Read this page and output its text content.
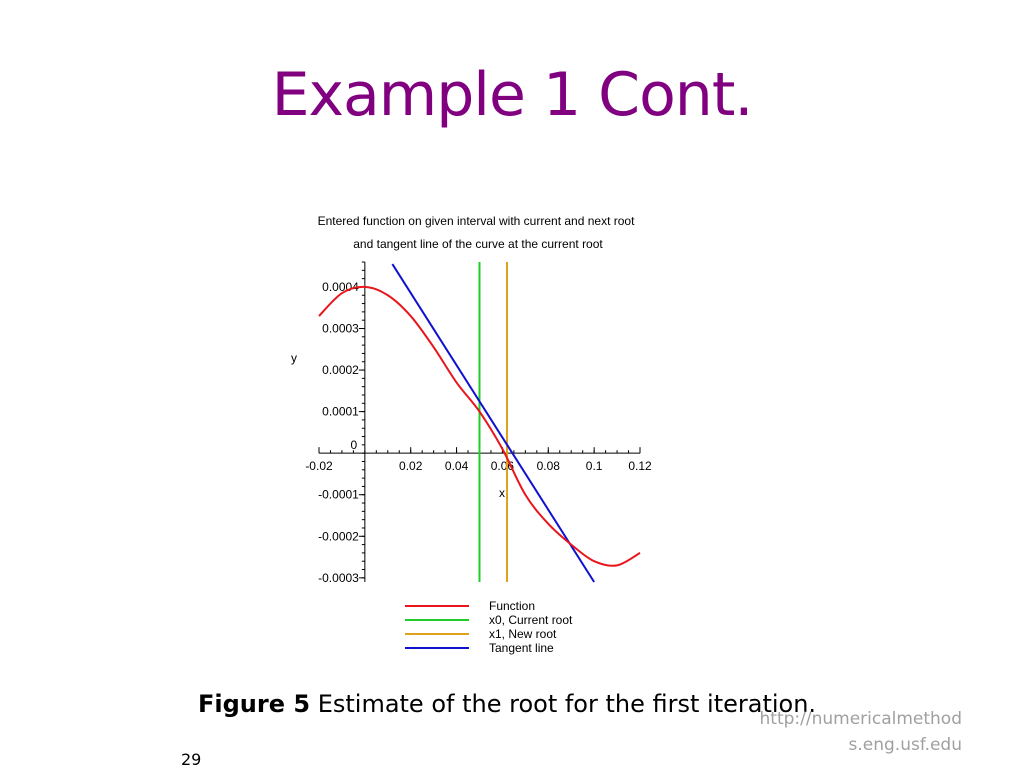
Example 1 Cont.
Entered function on given interval with current and next root
and tangent line of the curve at the current root
-0.02	0.02 0.04 0.06 0.08 0.1 0.12
0.0004
0.0003
0.0002
0.0001
-0.0001
-0.0002
-0.0003
0
x
y
Function
x0, Current root
x1, New root
Tangent line
Figure 5 Estimate of the root for the first iteration.
http://numericalmethod
s.eng.usf.edu
29
